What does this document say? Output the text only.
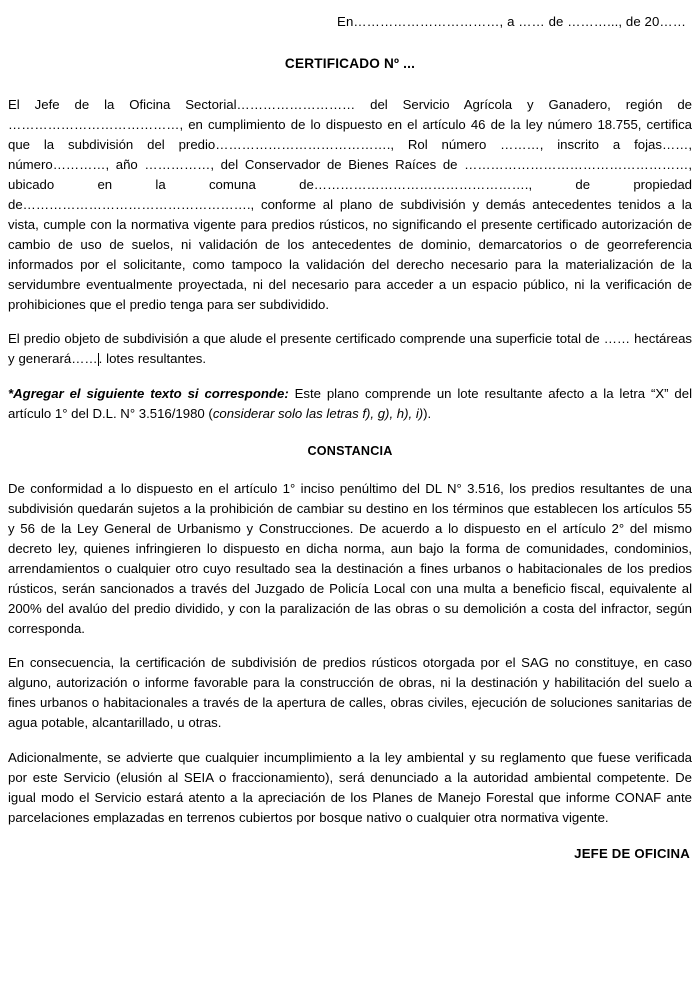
En……………………………, a …… de ………..., de 20……
CERTIFICADO Nº ...

El Jefe de la Oficina Sectorial……………………… del Servicio Agrícola y Ganadero, región de …………………………………, en cumplimiento de lo dispuesto en el artículo 46 de la ley número 18.755, certifica que la subdivisión del predio…………………………………., Rol número ………, inscrito a fojas……, número…………, año ……………, del Conservador de Bienes Raíces de ……………………………………………, ubicado en la comuna de…………………………………………., de propiedad de……………………………………………., conforme al plano de subdivisión y demás antecedentes tenidos a la vista, cumple con la normativa vigente para predios rústicos, no significando el presente certificado autorización de cambio de uso de suelos, ni validación de los antecedentes de dominio, demarcatorios o de georreferencia informados por el solicitante, como tampoco la validación del derecho necesario para la materialización de la servidumbre eventualmente proyectada, ni del necesario para acceder a un espacio público, ni la verificación de prohibiciones que el predio tenga para ser subdividido.

El predio objeto de subdivisión a que alude el presente certificado comprende una superficie total de …… hectáreas y generará……. lotes resultantes.

*Agregar el siguiente texto si corresponde: Este plano comprende un lote resultante afecto a la letra “X” del artículo 1° del D.L. N° 3.516/1980 (considerar solo las letras f), g), h), i)).

CONSTANCIA

De conformidad a lo dispuesto en el artículo 1° inciso penúltimo del DL N° 3.516, los predios resultantes de una subdivisión quedarán sujetos a la prohibición de cambiar su destino en los términos que establecen los artículos 55 y 56 de la Ley General de Urbanismo y Construcciones. De acuerdo a lo dispuesto en el artículo 2° del mismo decreto ley, quienes infringieren lo dispuesto en dicha norma, aun bajo la forma de comunidades, condominios, arrendamientos o cualquier otro cuyo resultado sea la destinación a fines urbanos o habitacionales de los predios rústicos, serán sancionados a través del Juzgado de Policía Local con una multa a beneficio fiscal, equivalente al 200% del avalúo del predio dividido, y con la paralización de las obras o su demolición a costa del infractor, según corresponda.

En consecuencia, la certificación de subdivisión de predios rústicos otorgada por el SAG no constituye, en caso alguno, autorización o informe favorable para la construcción de obras, ni la destinación y habilitación del suelo a fines urbanos o habitacionales a través de la apertura de calles, obras civiles, ejecución de soluciones sanitarias de agua potable, alcantarillado, u otras.

Adicionalmente, se advierte que cualquier incumplimiento a la ley ambiental y su reglamento que fuese verificada por este Servicio (elusión al SEIA o fraccionamiento), será denunciado a la autoridad ambiental competente. De igual modo el Servicio estará atento a la apreciación de los Planes de Manejo Forestal que informe CONAF ante parcelaciones emplazadas en terrenos cubiertos por bosque nativo o cualquier otra normativa vigente.

JEFE DE OFICINA
